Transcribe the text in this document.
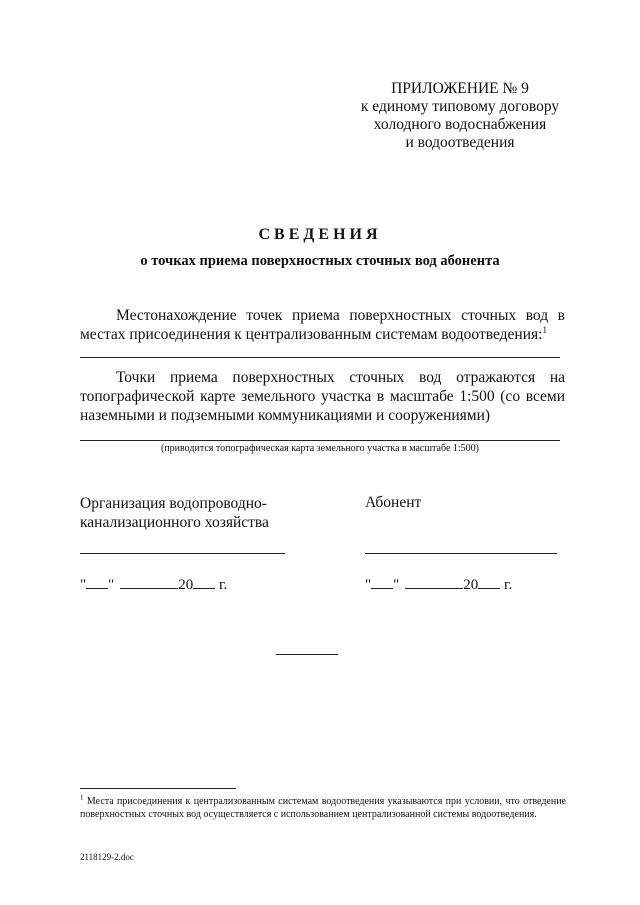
ПРИЛОЖЕНИЕ № 9
к единому типовому договору
холодного водоснабжения
и водоотведения
СВЕДЕНИЯ
о точках приема поверхностных сточных вод абонента
Местонахождение точек приема поверхностных сточных вод в местах присоединения к централизованным системам водоотведения:$^1$
Точки приема поверхностных сточных вод отражаются на топографической карте земельного участка в масштабе 1:500 (со всеми наземными и подземными коммуникациями и сооружениями)
(приводится топографическая карта земельного участка в масштабе 1:500)
Организация водопроводно-
канализационного хозяйства
Абонент
" "	20 г.	" "	20 г.
$^1$ Места присоединения к централизованным системам водоотведения указываются при условии, что отведение поверхностных сточных вод осуществляется с использованием централизованной системы водоотведения.
2118129-2.doc
